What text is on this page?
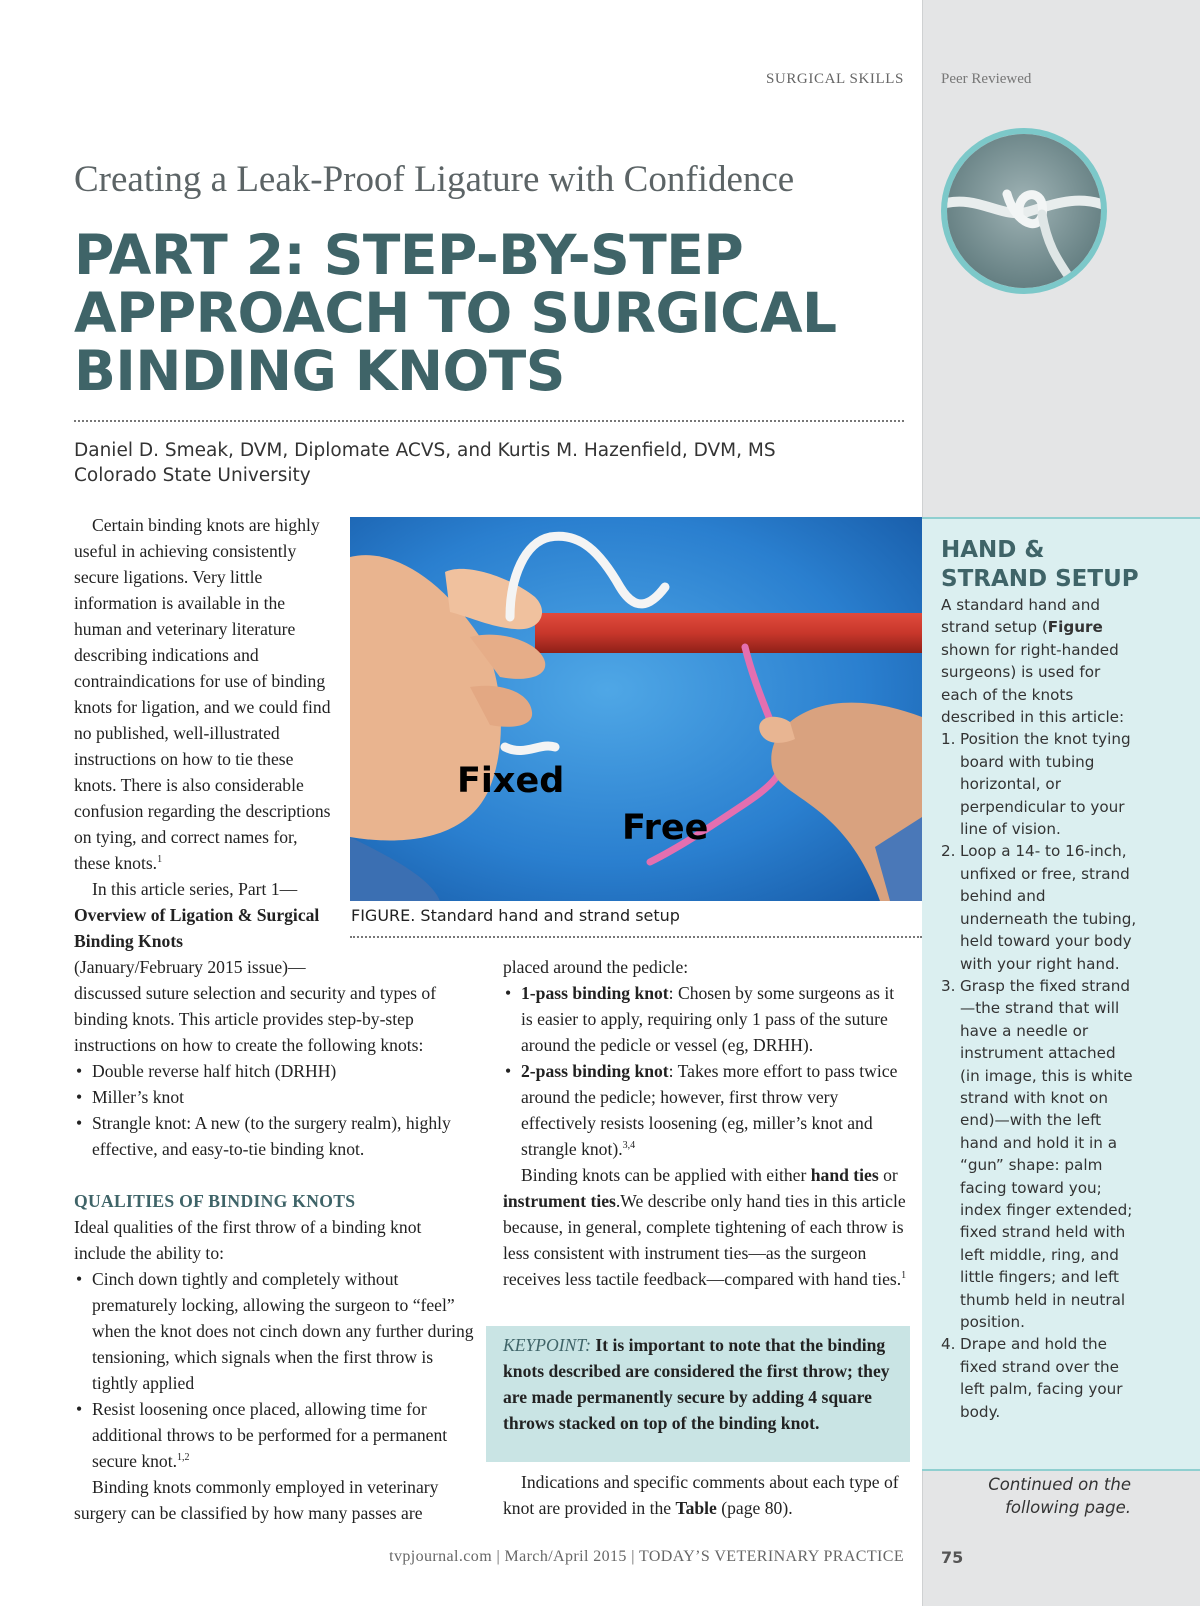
SURGICAL SKILLS Peer Reviewed
Creating a Leak-Proof Ligature with Confidence
PART 2: STEP-BY-STEP
APPROACH TO SURGICAL
BINDING KNOTS
Daniel D. Smeak, DVM, Diplomate ACVS, and Kurtis M. Hazenfield, DVM, MS
Colorado State University
Fixed
Free
FIGURE. Standard hand and strand setup

Certain binding knots are highly useful in achieving consistently secure ligations. Very little information is available in the human and veterinary literature describing indications and contraindications for use of binding knots for ligation, and we could find no published, well-illustrated instructions on how to tie these knots. There is also considerable confusion regarding the descriptions on tying, and correct names for, these knots.$^1$

In this article series, Part 1—Overview of Ligation & Surgical Binding Knots

(January/February 2015 issue)—

discussed suture selection and security and types of binding knots. This article provides step-by-step instructions on how to create the following knots:

• Double reverse half hitch (DRHH)
• Miller’s knot
• Strangle knot: A new (to the surgery realm), highly effective, and easy-to-tie binding knot.

QUALITIES OF BINDING KNOTS

Ideal qualities of the first throw of a binding knot include the ability to:

• Cinch down tightly and completely without prematurely locking, allowing the surgeon to “feel” when the knot does not cinch down any further during tensioning, which signals when the first throw is tightly applied
• Resist loosening once placed, allowing time for additional throws to be performed for a permanent secure knot.$^{1,2}$

Binding knots commonly employed in veterinary surgery can be classified by how many passes are

placed around the pedicle:

• 1-pass binding knot: Chosen by some surgeons as it is easier to apply, requiring only 1 pass of the suture around the pedicle or vessel (eg, DRHH).
• 2-pass binding knot: Takes more effort to pass twice around the pedicle; however, first throw very effectively resists loosening (eg, miller’s knot and strangle knot).$^{3,4}$

Binding knots can be applied with either hand ties or instrument ties.We describe only hand ties in this article because, in general, complete tightening of each throw is less consistent with instrument ties—as the surgeon receives less tactile feedback—compared with hand ties.$^1$

KEYPOINT: It is important to note that the binding knots described are considered the first throw; they are made permanently secure by adding 4 square throws stacked on top of the binding knot.

Indications and specific comments about each type of knot are provided in the Table (page 80).

HAND &
STRAND SETUP

A standard hand and strand setup (Figure shown for right-handed surgeons) is used for each of the knots described in this article:

1. Position the knot tying board with tubing horizontal, or perpendicular to your line of vision.
2. Loop a 14- to 16-inch, unfixed or free, strand behind and underneath the tubing, held toward your body with your right hand.
3. Grasp the fixed strand—the strand that will have a needle or instrument attached (in image, this is white strand with knot on end)—with the left hand and hold it in a “gun” shape: palm facing toward you; index finger extended; fixed strand held with left middle, ring, and little fingers; and left thumb held in neutral position.
4. Drape and hold the fixed strand over the left palm, facing your body.
Continued on the following page.
tvpjournal.com | March/April 2015 | TODAY’S VETERINARY PRACTICE 75
